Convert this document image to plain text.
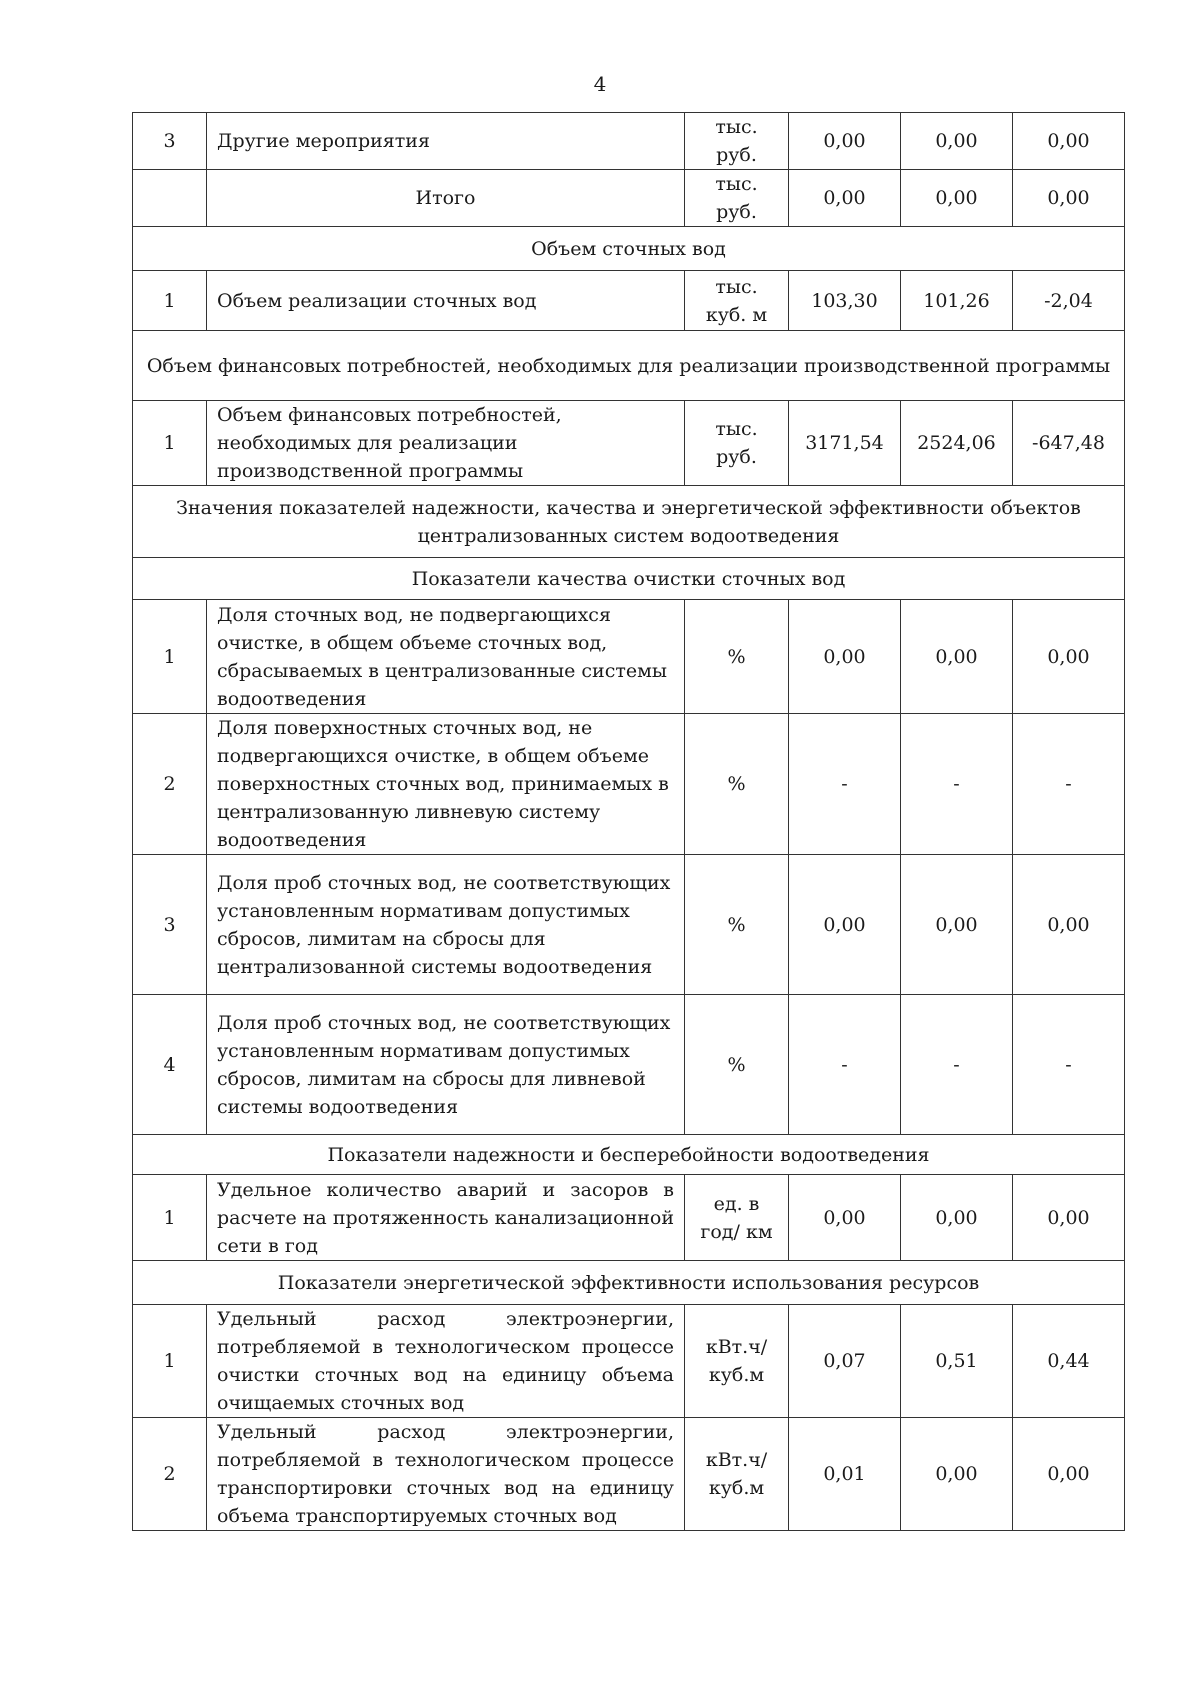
4
3	Другие мероприятия	тыс. руб.	0,00	0,00	0,00
	Итого	тыс. руб.	0,00	0,00	0,00
Объем сточных вод					
1	Объем реализации сточных вод	тыс. куб. м	103,30	101,26	-2,04
Объем финансовых потребностей, необходимых для реализации производственной программы					
1	Объем финансовых потребностей, необходимых для реализации производственной программы	тыс. руб.	3171,54	2524,06	-647,48
Значения показателей надежности, качества и энергетической эффективности объектов централизованных систем водоотведения					
Показатели качества очистки сточных вод					
1	Доля сточных вод, не подвергающихся очистке, в общем объеме сточных вод, сбрасываемых в централизованные системы водоотведения	%	0,00	0,00	0,00
2	Доля поверхностных сточных вод, не подвергающихся очистке, в общем объеме поверхностных сточных вод, принимаемых в централизованную ливневую систему водоотведения	%	-	-	-
3	Доля проб сточных вод, не соответствующих установленным нормативам допустимых сбросов, лимитам на сбросы для централизованной системы водоотведения	%	0,00	0,00	0,00
4	Доля проб сточных вод, не соответствующих установленным нормативам допустимых сбросов, лимитам на сбросы для ливневой системы водоотведения	%	-	-	-
Показатели надежности и бесперебойности водоотведения					
1	Удельное количество аварий и засоров в расчете на протяженность канализационной сети в год	ед. в год/ км	0,00	0,00	0,00
Показатели энергетической эффективности использования ресурсов					
1	Удельный расход электроэнергии, потребляемой в технологическом процессе очистки сточных вод на единицу объема очищаемых сточных вод	кВт.ч/ куб.м	0,07	0,51	0,44
2	Удельный расход электроэнергии, потребляемой в технологическом процессе транспортировки сточных вод на единицу объема транспортируемых сточных вод	кВт.ч/ куб.м	0,01	0,00	0,00
